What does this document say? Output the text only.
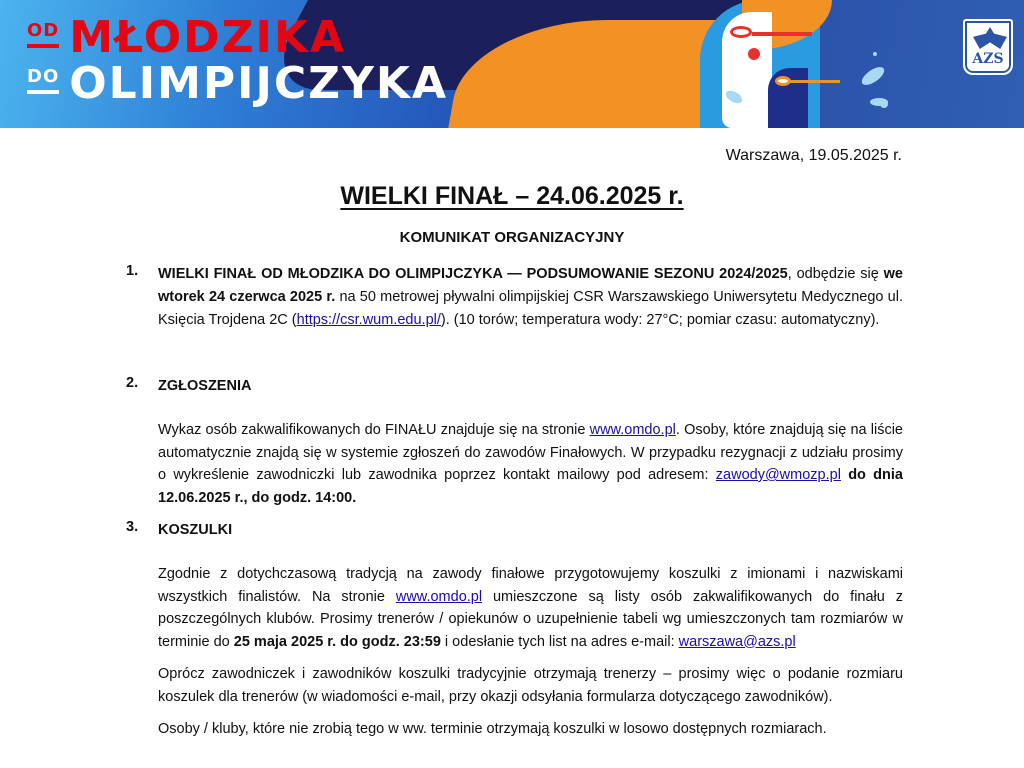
OD MŁODZIKA
DO OLIMPIJCZYKA	AZS
Warszawa, 19.05.2025 r.
WIELKI FINAŁ – 24.06.2025 r.
KOMUNIKAT ORGANIZACYJNY
1. WIELKI FINAŁ OD MŁODZIKA DO OLIMPIJCZYKA — PODSUMOWANIE SEZONU 2024/2025, odbędzie się we wtorek 24 czerwca 2025 r. na 50 metrowej pływalni olimpijskiej CSR Warszawskiego Uniwersytetu Medycznego ul. Księcia Trojdena 2C (https://csr.wum.edu.pl/). (10 torów; temperatura wody: 27°C; pomiar czasu: automatyczny).

2. ZGŁOSZENIA

Wykaz osób zakwalifikowanych do FINAŁU znajduje się na stronie www.omdo.pl. Osoby, które znajdują się na liście automatycznie znajdą się w systemie zgłoszeń do zawodów Finałowych. W przypadku rezygnacji z udziału prosimy o wykreślenie zawodniczki lub zawodnika poprzez kontakt mailowy pod adresem: zawody@wmozp.pl do dnia 12.06.2025 r., do godz. 14:00.

3. KOSZULKI

Zgodnie z dotychczasową tradycją na zawody finałowe przygotowujemy koszulki z imionami i nazwiskami wszystkich finalistów. Na stronie www.omdo.pl umieszczone są listy osób zakwalifikowanych do finału z poszczególnych klubów. Prosimy trenerów / opiekunów o uzupełnienie tabeli wg umieszczonych tam rozmiarów w terminie do 25 maja 2025 r. do godz. 23:59 i odesłanie tych list na adres e-mail: warszawa@azs.pl

Oprócz zawodniczek i zawodników koszulki tradycyjnie otrzymają trenerzy – prosimy więc o podanie rozmiaru koszulek dla trenerów (w wiadomości e-mail, przy okazji odsyłania formularza dotyczącego zawodników).

Osoby / kluby, które nie zrobią tego w ww. terminie otrzymają koszulki w losowo dostępnych rozmiarach.
